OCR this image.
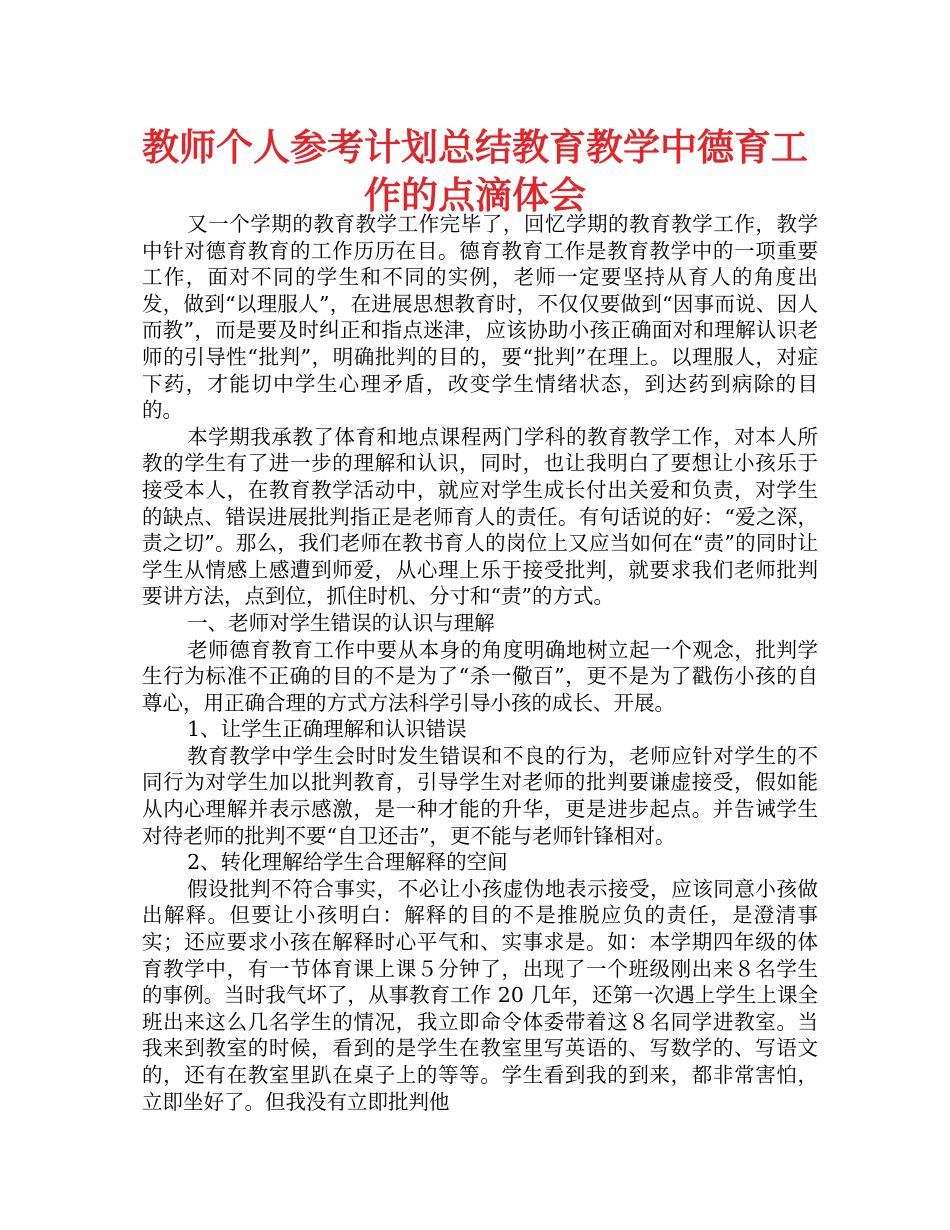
教师个人参考计划总结教育教学中德育工作的点滴体会

又一个学期的教育教学工作完毕了，回忆学期的教育教学工作，教学中针对德育教育的工作历历在目。德育教育工作是教育教学中的一项重要工作，面对不同的学生和不同的实例，老师一定要坚持从育人的角度出发，做到“以理服人”，在进展思想教育时，不仅仅要做到“因事而说、因人而教”，而是要及时纠正和指点迷津，应该协助小孩正确面对和理解认识老师的引导性“批判”，明确批判的目的，要“批判”在理上。以理服人，对症下药，才能切中学生心理矛盾，改变学生情绪状态，到达药到病除的目的。

本学期我承教了体育和地点课程两门学科的教育教学工作，对本人所教的学生有了进一步的理解和认识，同时，也让我明白了要想让小孩乐于接受本人，在教育教学活动中，就应对学生成长付出关爱和负责，对学生的缺点、错误进展批判指正是老师育人的责任。有句话说的好：“爱之深，责之切”。那么，我们老师在教书育人的岗位上又应当如何在“责”的同时让学生从情感上感遭到师爱，从心理上乐于接受批判，就要求我们老师批判要讲方法，点到位，抓住时机、分寸和“责”的方式。

一、老师对学生错误的认识与理解

老师德育教育工作中要从本身的角度明确地树立起一个观念，批判学生行为标准不正确的目的不是为了“杀一儆百”，更不是为了戳伤小孩的自尊心，用正确合理的方式方法科学引导小孩的成长、开展。

1、让学生正确理解和认识错误

教育教学中学生会时时发生错误和不良的行为，老师应针对学生的不同行为对学生加以批判教育，引导学生对老师的批判要谦虚接受，假如能从内心理解并表示感激，是一种才能的升华，更是进步起点。并告诫学生对待老师的批判不要“自卫还击”，更不能与老师针锋相对。

2、转化理解给学生合理解释的空间

假设批判不符合事实，不必让小孩虚伪地表示接受，应该同意小孩做出解释。但要让小孩明白：解释的目的不是推脱应负的责任，是澄清事实；还应要求小孩在解释时心平气和、实事求是。如：本学期四年级的体育教学中，有一节体育课上课５分钟了，出现了一个班级刚出来８名学生的事例。当时我气坏了，从事教育工作 20 几年，还第一次遇上学生上课全班出来这么几名学生的情况，我立即命令体委带着这８名同学进教室。当我来到教室的时候，看到的是学生在教室里写英语的、写数学的、写语文的，还有在教室里趴在桌子上的等等。学生看到我的到来，都非常害怕，立即坐好了。但我没有立即批判他
